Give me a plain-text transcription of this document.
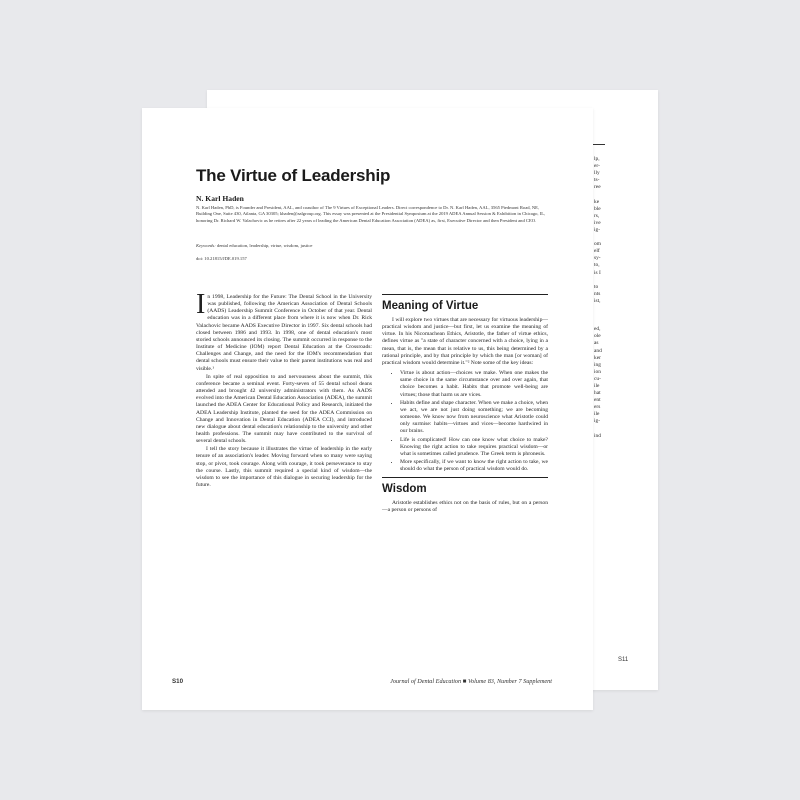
lp,
er-
lly
ts-
ree

ke
ble
rs,
ive
ig-

om
elf
sy-
to,
is I

to
nts
ist,

ed,
ole
as
and
ker
ing
ion
cu-
ile
hat
ent
ers
ile
ig-

ind
S11
The Virtue of Leadership
N. Karl Haden
N. Karl Haden, PhD, is Founder and President, AAL, and coauthor of The 9 Virtues of Exceptional Leaders. Direct correspondence to Dr. N. Karl Haden, AAL, 3565 Piedmont Road, NE, Building One, Suite 430, Atlanta, GA 30305; khaden@aalgroup.org. This essay was presented at the Presidential Symposium at the 2019 ADEA Annual Session & Exhibition in Chicago, IL, honoring Dr. Richard W. Valachovic as he retires after 22 years of leading the American Dental Education Association (ADEA) as, first, Executive Director and then President and CEO.
Keywords: dental education, leadership, virtue, wisdom, justice
doi: 10.21815/JDE.019.157

In 1998, Leadership for the Future: The Dental School in the University was published, following the American Association of Dental Schools (AADS) Leadership Summit Conference in October of that year. Dental education was in a different place from where it is now when Dr. Rick Valachovic became AADS Executive Director in 1997. Six dental schools had closed between 1986 and 1993. In 1998, one of dental education's most storied schools announced its closing. The summit occurred in response to the Institute of Medicine (IOM) report Dental Education at the Crossroads: Challenges and Change, and the need for the IOM's recommendation that dental schools must ensure their value to their parent institutions was real and visible.¹

In spite of real opposition to and nervousness about the summit, this conference became a seminal event. Forty-seven of 55 dental school deans attended and brought 42 university administrators with them. As AADS evolved into the American Dental Education Association (ADEA), the summit launched the ADEA Center for Educational Policy and Research, initiated the ADEA Leadership Institute, planted the seed for the ADEA Commission on Change and Innovation in Dental Education (ADEA CCI), and introduced new dialogue about dental education's relationship to the university and other health professions. The summit may have contributed to the survival of several dental schools.

I tell the story because it illustrates the virtue of leadership in the early tenure of an association's leader. Moving forward when so many were saying stop, or pivot, took courage. Along with courage, it took perseverance to stay the course. Lastly, this summit required a special kind of wisdom—the wisdom to see the importance of this dialogue in securing leadership for the future.

Meaning of Virtue

I will explore two virtues that are necessary for virtuous leadership—practical wisdom and justice—but first, let us examine the meaning of virtue. In his Nicomachean Ethics, Aristotle, the father of virtue ethics, defines virtue as "a state of character concerned with a choice, lying in a mean, that is, the mean that is relative to us, this being determined by a rational principle, and by that principle by which the man [or woman] of practical wisdom would determine it."² Note some of the key ideas:

• Virtue is about action—choices we make. When one makes the same choice in the same circumstance over and over again, that choice becomes a habit. Habits that promote well-being are virtues; those that harm us are vices.
• Habits define and shape character. When we make a choice, when we act, we are not just doing something; we are becoming someone. We know now from neuroscience what Aristotle could only surmise: habits—virtues and vices—become hardwired in our brains.
• Life is complicated! How can one know what choice to make? Knowing the right action to take requires practical wisdom—or what is sometimes called prudence. The Greek term is phronesis.
• More specifically, if we want to know the right action to take, we should do what the person of practical wisdom would do.
Wisdom

Aristotle establishes ethics not on the basis of rules, but on a person—a person or persons of

S10	Journal of Dental Education ■ Volume 83, Number 7 Supplement
